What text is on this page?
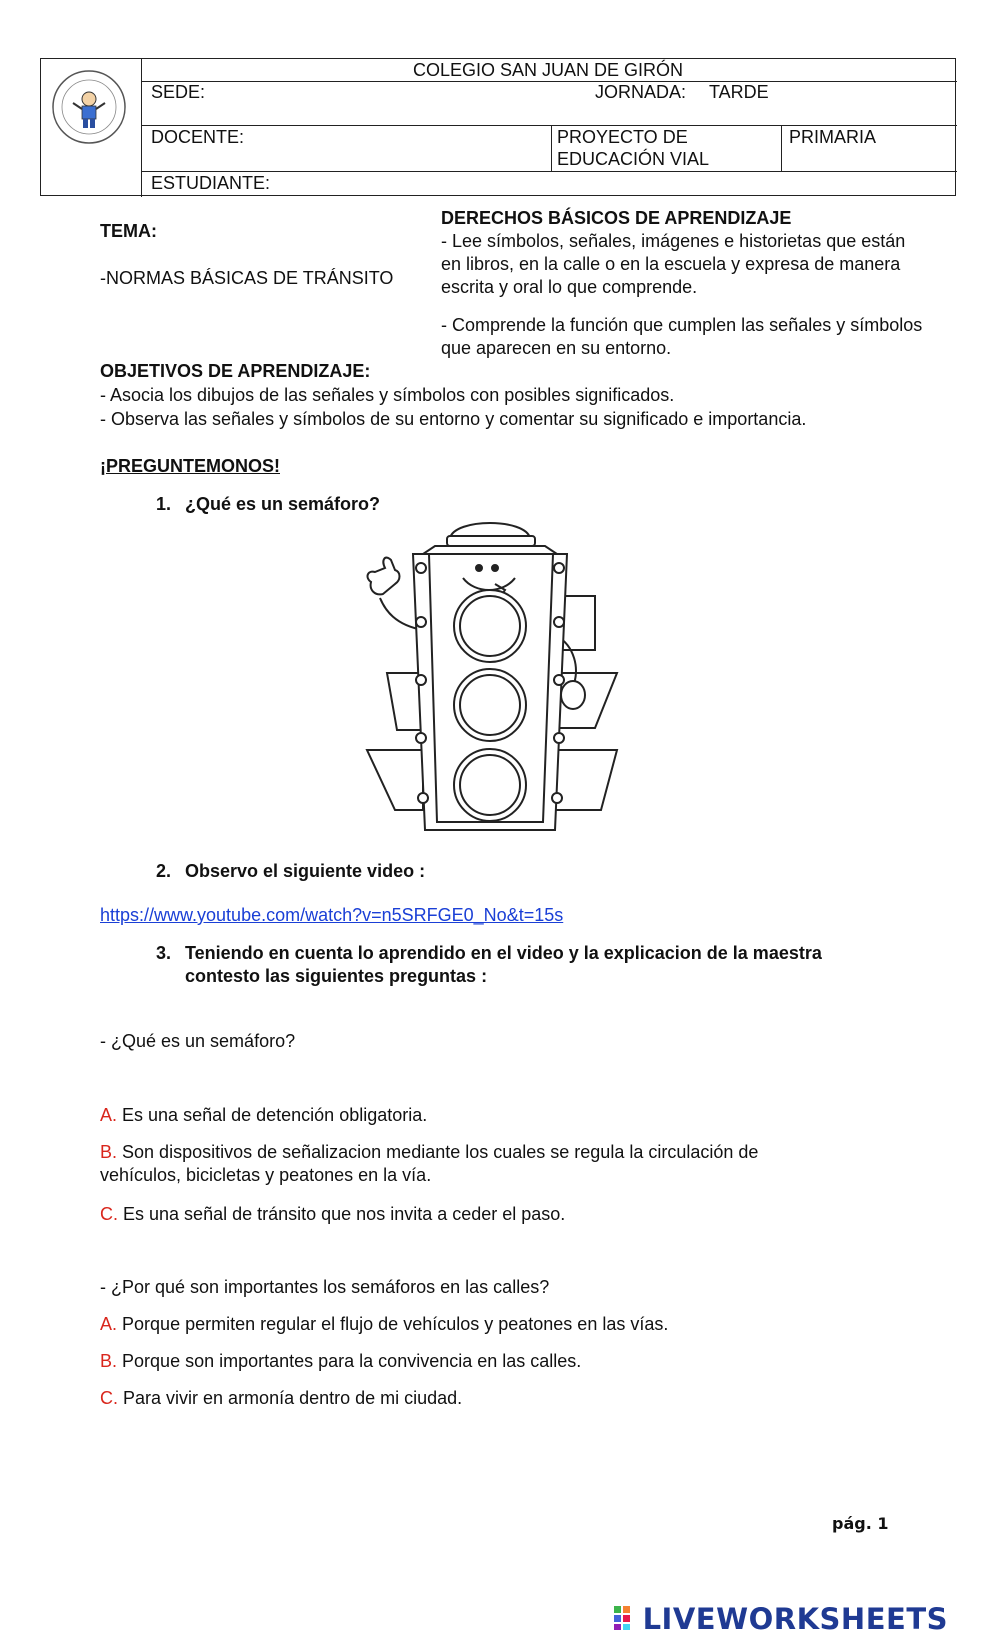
COLEGIO SAN JUAN DE GIRÓN
SEDE:	JORNADA: TARDE
DOCENTE:	PROYECTO DE
EDUCACIÓN VIAL
PRIMARIA
ESTUDIANTE:
TEMA:
-NORMAS BÁSICAS DE TRÁNSITO
DERECHOS BÁSICOS DE APRENDIZAJE
- Lee símbolos, señales, imágenes e historietas que están
en libros, en la calle o en la escuela y expresa de manera
escrita y oral lo que comprende.
- Comprende la función que cumplen las señales y símbolos
que aparecen en su entorno.
OBJETIVOS DE APRENDIZAJE:
- Asocia los dibujos de las señales y símbolos con posibles significados.
- Observa las señales y símbolos de su entorno y comentar su significado e importancia.
¡PREGUNTEMONOS!
1. ¿Qué es un semáforo?
2. Observo el siguiente video :
https://www.youtube.com/watch?v=n5SRFGE0_No&t=15s
3. Teniendo en cuenta lo aprendido en el video y la explicacion de la maestra
contesto las siguientes preguntas :
- ¿Qué es un semáforo?
A. Es una señal de detención obligatoria.
B. Son dispositivos de señalizacion mediante los cuales se regula la circulación de
vehículos, bicicletas y peatones en la vía.
C. Es una señal de tránsito que nos invita a ceder el paso.
- ¿Por qué son importantes los semáforos en las calles?
A. Porque permiten regular el flujo de vehículos y peatones en las vías.
B. Porque son importantes para la convivencia en las calles.
C. Para vivir en armonía dentro de mi ciudad.
pág. 1
LIVEWORKSHEETS
